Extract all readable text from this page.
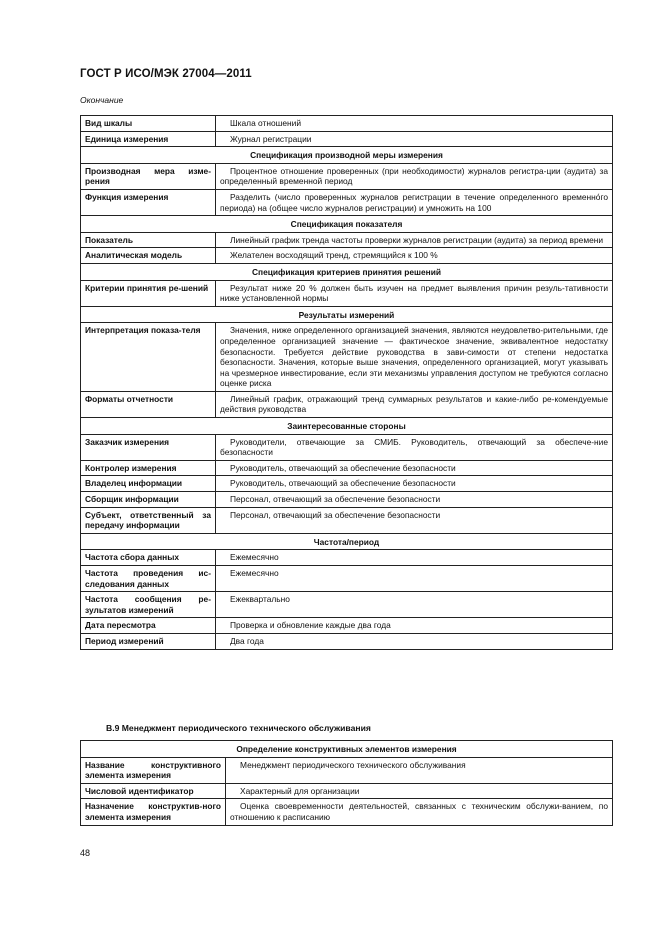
ГОСТ Р ИСО/МЭК 27004—2011
Окончание
Вид шкалы	Шкала отношений
Единица измерения	Журнал регистрации
Спецификация производной меры измерения	
Производная мера изме-рения	Процентное отношение проверенных (при необходимости) журналов регистра-ции (аудита) за определенный временной период
Функция измерения	Разделить (число проверенных журналов регистрации в течение определенного временно́го периода) на (общее число журналов регистрации) и умножить на 100
Спецификация показателя	
Показатель	Линейный график тренда частоты проверки журналов регистрации (аудита) за период времени
Аналитическая модель	Желателен восходящий тренд, стремящийся к 100 %
Спецификация критериев принятия решений	
Критерии принятия ре-шений	Результат ниже 20 % должен быть изучен на предмет выявления причин резуль-тативности ниже установленной нормы
Результаты измерений	
Интерпретация показа-теля	Значения, ниже определенного организацией значения, являются неудовлетво-рительными, где определенное организацией значение — фактическое значение, эквивалентное недостатку безопасности. Требуется действие руководства в зави-симости от степени недостатка безопасности. Значения, которые выше значения, определенного организацией, могут указывать на чрезмерное инвестирование, если эти механизмы управления доступом не требуются согласно оценке риска
Форматы отчетности	Линейный график, отражающий тренд суммарных результатов и какие-либо ре-комендуемые действия руководства
Заинтересованные стороны	
Заказчик измерения	Руководители, отвечающие за СМИБ. Руководитель, отвечающий за обеспече-ние безопасности
Контролер измерения	Руководитель, отвечающий за обеспечение безопасности
Владелец информации	Руководитель, отвечающий за обеспечение безопасности
Сборщик информации	Персонал, отвечающий за обеспечение безопасности
Субъект, ответственный за передачу информации	Персонал, отвечающий за обеспечение безопасности
Частота/период	
Частота сбора данных	Ежемесячно
Частота проведения ис-следования данных	Ежемесячно
Частота сообщения ре-зультатов измерений	Ежеквартально
Дата пересмотра	Проверка и обновление каждые два года
Период измерений	Два года
В.9 Менеджмент периодического технического обслуживания
Определение конструктивных элементов измерения	
Название конструктивного элемента измерения	Менеджмент периодического технического обслуживания
Числовой идентификатор	Характерный для организации
Назначение конструктив-ного элемента измерения	Оценка своевременности деятельностей, связанных с техническим обслужи-ванием, по отношению к расписанию
48
